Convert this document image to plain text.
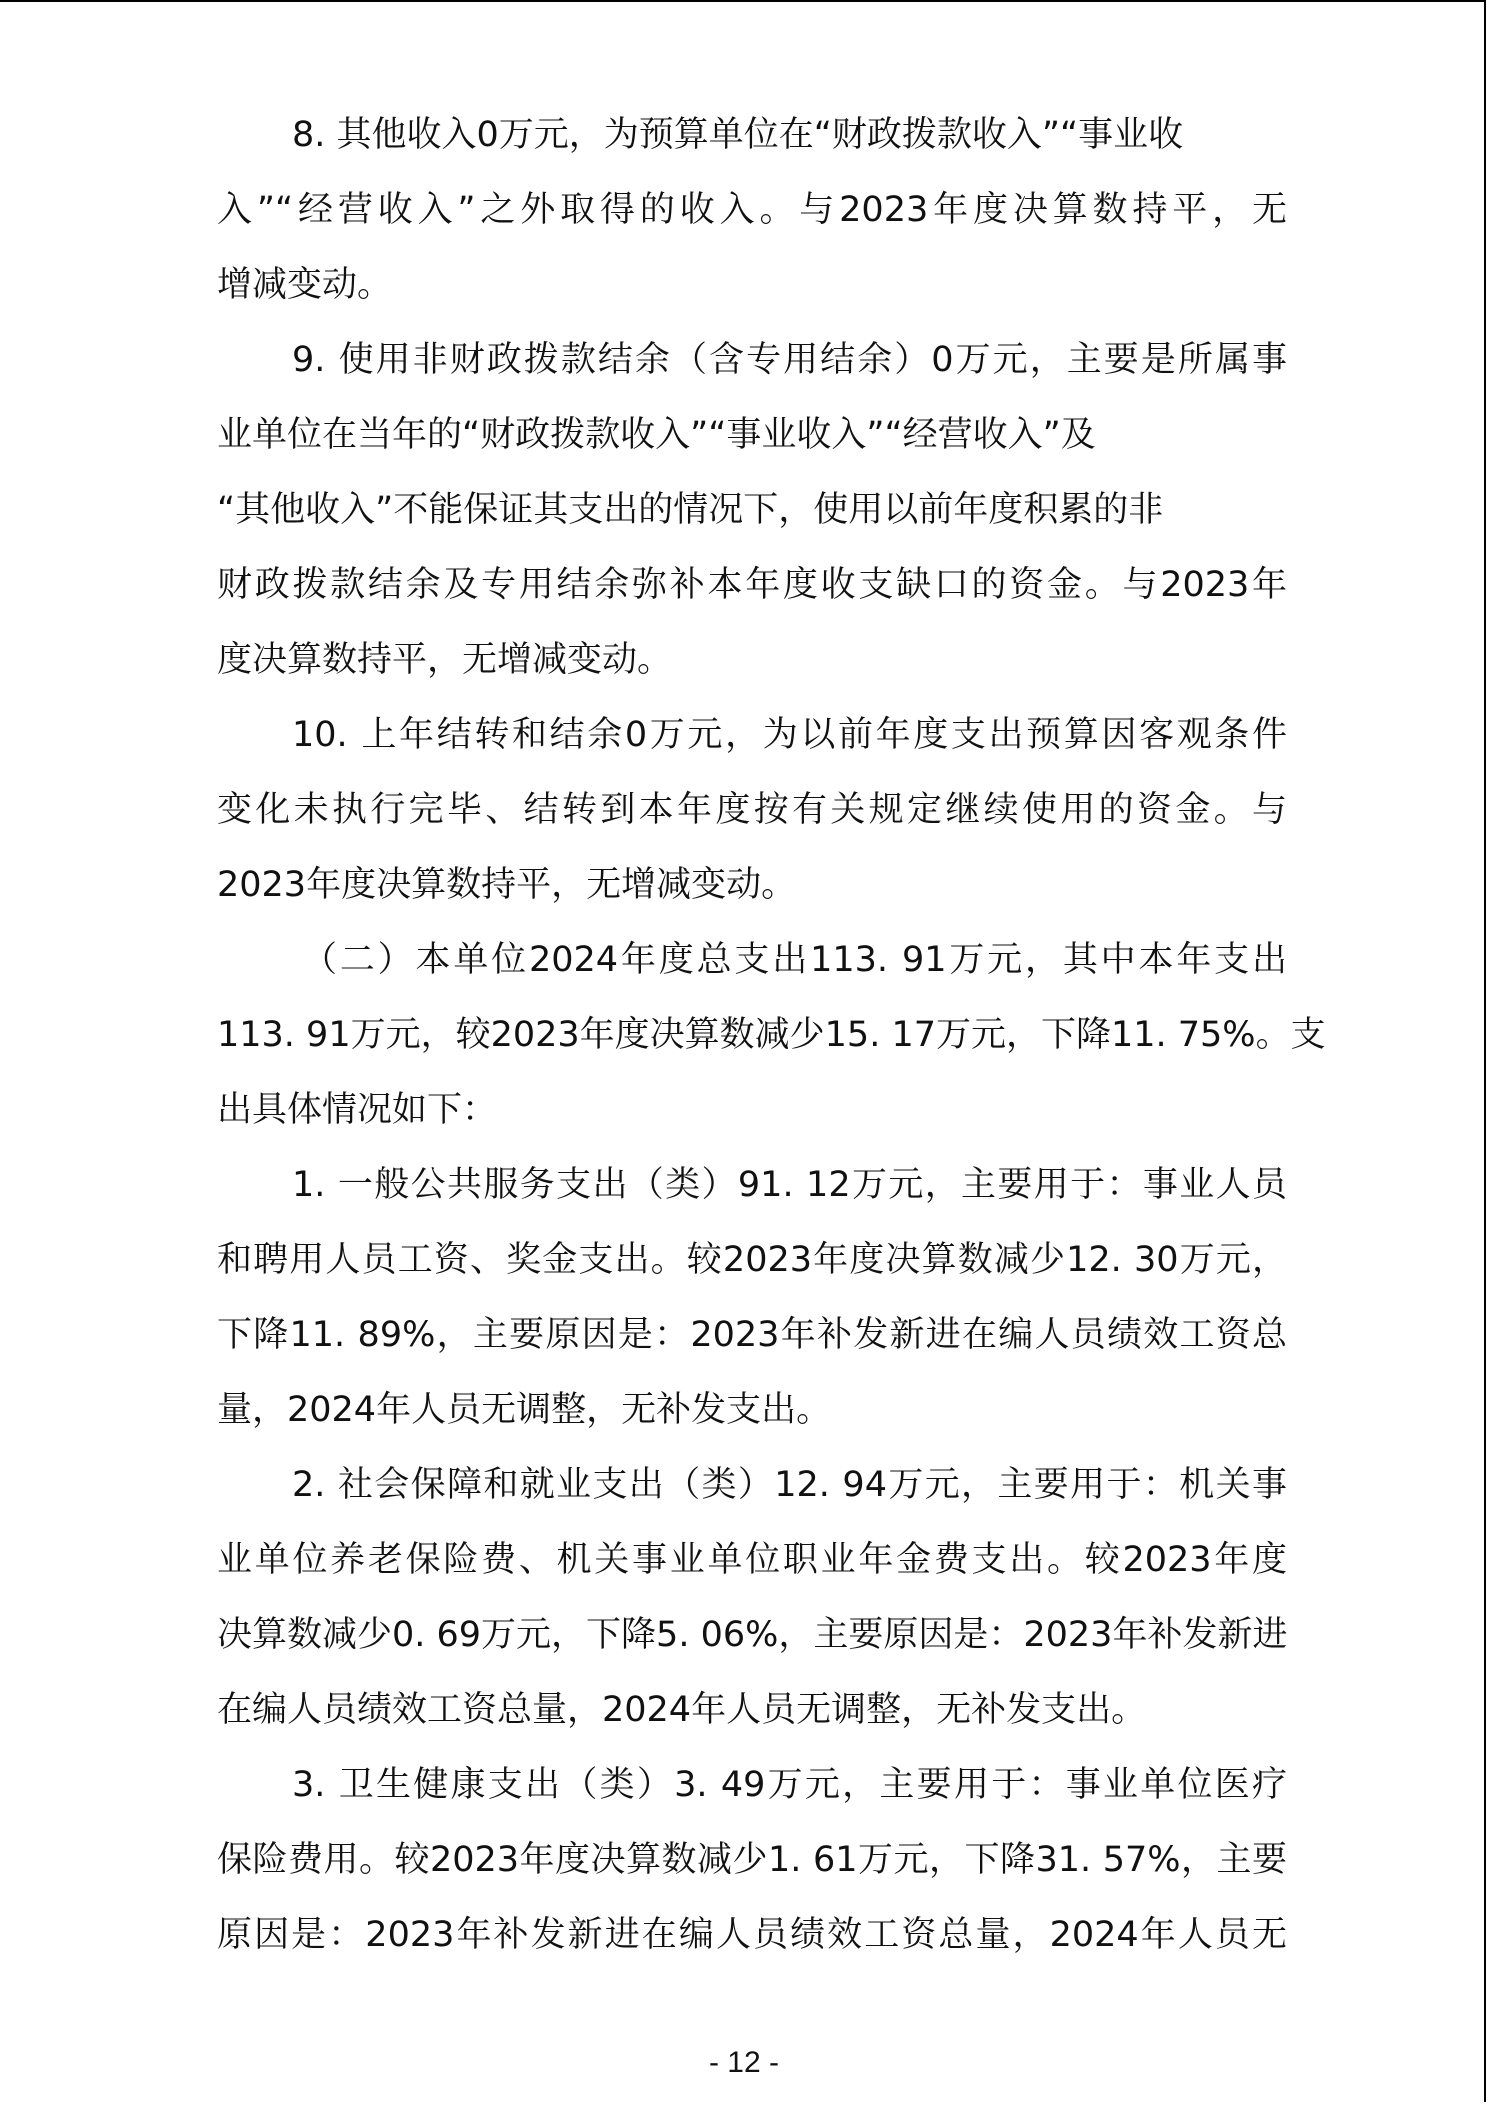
8. 其他收入0万元，为预算单位在“财政拨款收入”“事业收
入”“经营收入”之外取得的收入。与2023年度决算数持平，无
增减变动。
9. 使用非财政拨款结余（含专用结余）0万元，主要是所属事
业单位在当年的“财政拨款收入”“事业收入”“经营收入”及
“其他收入”不能保证其支出的情况下，使用以前年度积累的非
财政拨款结余及专用结余弥补本年度收支缺口的资金。与2023年
度决算数持平，无增减变动。
10. 上年结转和结余0万元，为以前年度支出预算因客观条件
变化未执行完毕、结转到本年度按有关规定继续使用的资金。与
2023年度决算数持平，无增减变动。
（二）本单位2024年度总支出113. 91万元，其中本年支出
113. 91万元，较2023年度决算数减少15. 17万元，下降11. 75%。支
出具体情况如下：
1. 一般公共服务支出（类）91. 12万元，主要用于：事业人员
和聘用人员工资、奖金支出。较2023年度决算数减少12. 30万元，
下降11. 89%，主要原因是：2023年补发新进在编人员绩效工资总
量，2024年人员无调整，无补发支出。
2. 社会保障和就业支出（类）12. 94万元，主要用于：机关事
业单位养老保险费、机关事业单位职业年金费支出。较2023年度
决算数减少0. 69万元，下降5. 06%，主要原因是：2023年补发新进
在编人员绩效工资总量，2024年人员无调整，无补发支出。
3. 卫生健康支出（类）3. 49万元，主要用于：事业单位医疗
保险费用。较2023年度决算数减少1. 61万元，下降31. 57%，主要
原因是：2023年补发新进在编人员绩效工资总量，2024年人员无
- 12 -
